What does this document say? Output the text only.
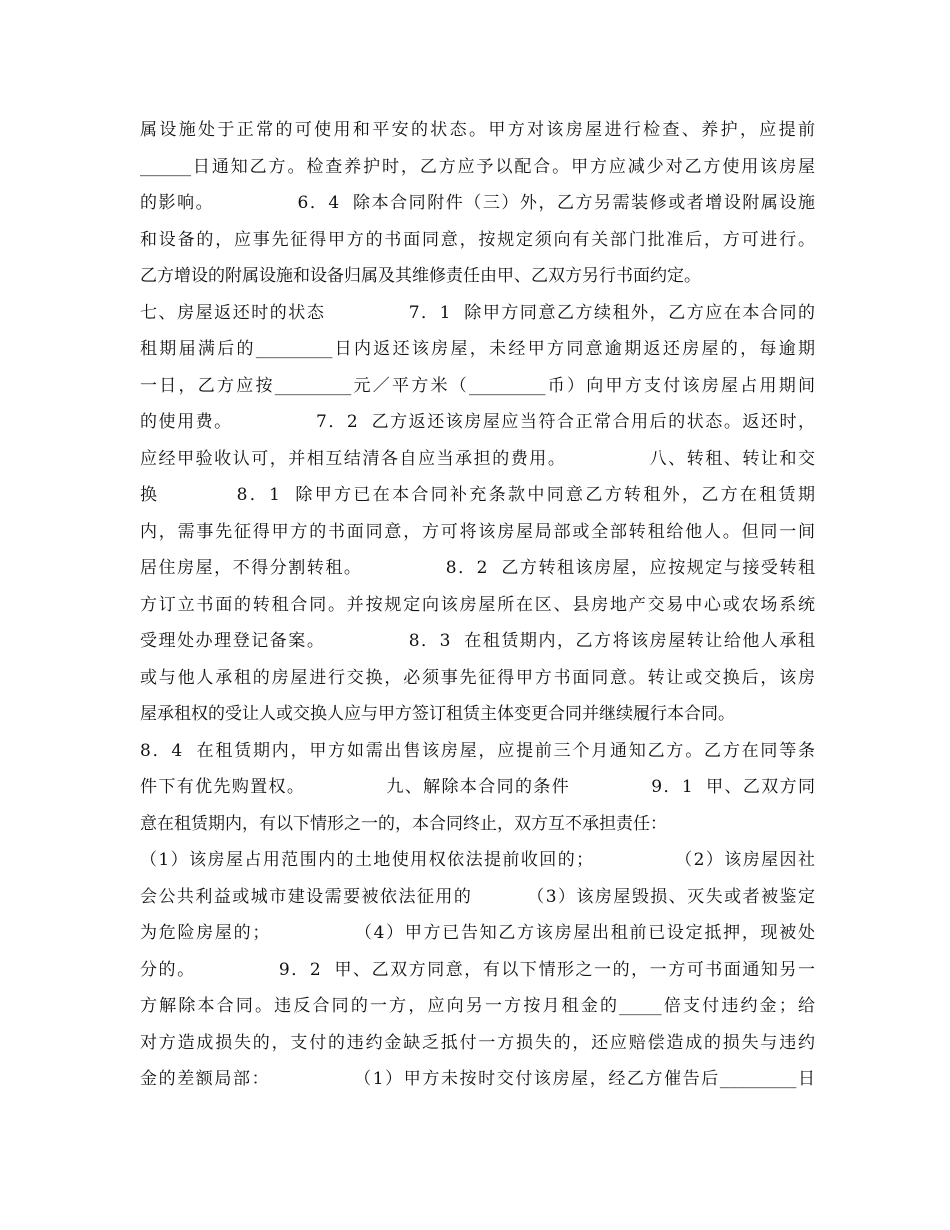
属设施处于正常的可使用和平安的状态。甲方对该房屋进行检查、养护，应提前
______日通知乙方。检查养护时，乙方应予以配合。甲方应减少对乙方使用该房屋
的影响。            6．4  除本合同附件（三）外，乙方另需装修或者增设附属设施
和设备的，应事先征得甲方的书面同意，按规定须向有关部门批准后，方可进行。
乙方增设的附属设施和设备归属及其维修责任由甲、乙双方另行书面约定。
七、房屋返还时的状态            7．1  除甲方同意乙方续租外，乙方应在本合同的
租期届满后的_________日内返还该房屋，未经甲方同意逾期返还房屋的，每逾期
一日，乙方应按_________元／平方米（_________币）向甲方支付该房屋占用期间
的使用费。            7．2  乙方返还该房屋应当符合正常合用后的状态。返还时，
应经甲验收认可，并相互结清各自应当承担的费用。            八、转租、转让和交
换          8．1  除甲方已在本合同补充条款中同意乙方转租外，乙方在租赁期
内，需事先征得甲方的书面同意，方可将该房屋局部或全部转租给他人。但同一间
居住房屋，不得分割转租。            8．2  乙方转租该房屋，应按规定与接受转租
方订立书面的转租合同。并按规定向该房屋所在区、县房地产交易中心或农场系统
受理处办理登记备案。            8．3  在租赁期内，乙方将该房屋转让给他人承租
或与他人承租的房屋进行交换，必须事先征得甲方书面同意。转让或交换后，该房
屋承租权的受让人或交换人应与甲方签订租赁主体变更合同并继续履行本合同。
8．4  在租赁期内，甲方如需出售该房屋，应提前三个月通知乙方。乙方在同等条
件下有优先购置权。            九、解除本合同的条件            9．1  甲、乙双方同
意在租赁期内，有以下情形之一的，本合同终止，双方互不承担责任：
（1）该房屋占用范围内的土地使用权依法提前收回的；            （2）该房屋因社
会公共利益或城市建设需要被依法征用的        （3）该房屋毁损、灭失或者被鉴定
为危险房屋的；            （4）甲方已告知乙方该房屋出租前已设定抵押，现被处
分的。            9．2  甲、乙双方同意，有以下情形之一的，一方可书面通知另一
方解除本合同。违反合同的一方，应向另一方按月租金的_____倍支付违约金；给
对方造成损失的，支付的违约金缺乏抵付一方损失的，还应赔偿造成的损失与违约
金的差额局部：            （1）甲方未按时交付该房屋，经乙方催告后_________日
